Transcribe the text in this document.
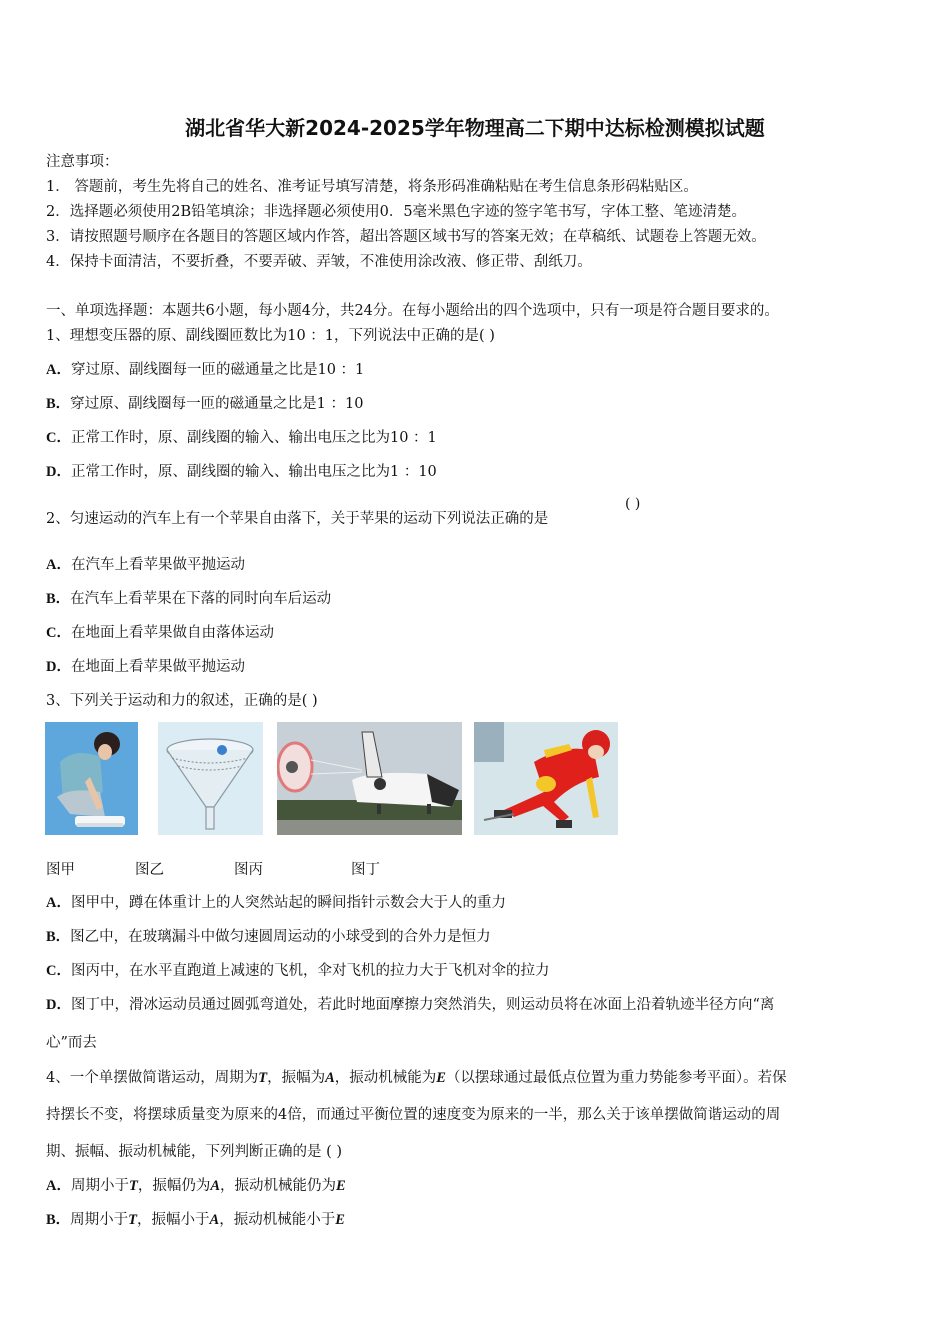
湖北省华大新2024-2025学年物理高二下期中达标检测模拟试题
注意事项：
1． 答题前，考生先将自己的姓名、准考证号填写清楚，将条形码准确粘贴在考生信息条形码粘贴区。
2．选择题必须使用2B铅笔填涂；非选择题必须使用0．5毫米黑色字迹的签字笔书写，字体工整、笔迹清楚。
3．请按照题号顺序在各题目的答题区域内作答，超出答题区域书写的答案无效；在草稿纸、试题卷上答题无效。
4．保持卡面清洁，不要折叠，不要弄破、弄皱，不准使用涂改液、修正带、刮纸刀。
一、单项选择题：本题共6小题，每小题4分，共24分。在每小题给出的四个选项中，只有一项是符合题目要求的。
1、理想变压器的原、副线圈匝数比为10 ：1，下列说法中正确的是( )
A．穿过原、副线圈每一匝的磁通量之比是10 ：1
B．穿过原、副线圈每一匝的磁通量之比是1 ：10
C．正常工作时，原、副线圈的输入、输出电压之比为10 ：1
D．正常工作时，原、副线圈的输入、输出电压之比为1 ：10
2、匀速运动的汽车上有一个苹果自由落下，关于苹果的运动下列说法正确的是
( )
A．在汽车上看苹果做平抛运动
B．在汽车上看苹果在下落的同时向车后运动
C．在地面上看苹果做自由落体运动
D．在地面上看苹果做平抛运动
3、下列关于运动和力的叙述，正确的是( )
图甲	图乙	图丙	图丁
A．图甲中，蹲在体重计上的人突然站起的瞬间指针示数会大于人的重力
B．图乙中，在玻璃漏斗中做匀速圆周运动的小球受到的合外力是恒力
C．图丙中，在水平直跑道上减速的飞机，伞对飞机的拉力大于飞机对伞的拉力
D．图丁中，滑冰运动员通过圆弧弯道处，若此时地面摩擦力突然消失，则运动员将在冰面上沿着轨迹半径方向“离
心”而去
4、一个单摆做简谐运动，周期为T，振幅为A，振动机械能为E（以摆球通过最低点位置为重力势能参考平面）。若保
持摆长不变，将摆球质量变为原来的4倍，而通过平衡位置的速度变为原来的一半，那么关于该单摆做简谐运动的周
期、振幅、振动机械能，下列判断正确的是 ( )
A．周期小于T，振幅仍为A，振动机械能仍为E
B．周期小于T，振幅小于A，振动机械能小于E
